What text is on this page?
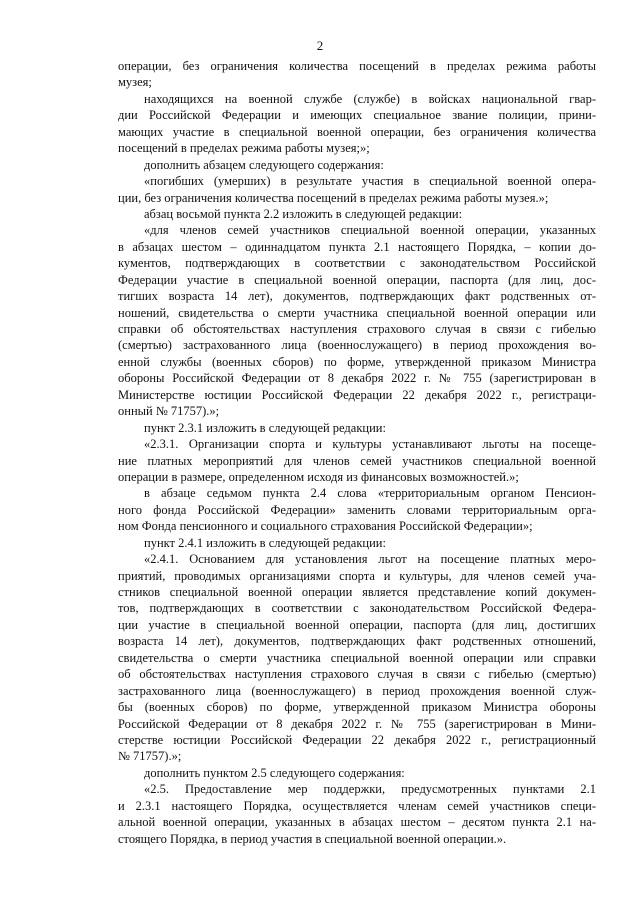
2
операции, без ограничения количества посещений в пределах режима работы
музея;
находящихся на военной службе (службе) в войсках национальной гвар-
дии Российской Федерации и имеющих специальное звание полиции, прини-
мающих участие в специальной военной операции, без ограничения количества
посещений в пределах режима работы музея;»;
дополнить абзацем следующего содержания:
«погибших (умерших) в результате участия в специальной военной опера-
ции, без ограничения количества посещений в пределах режима работы музея.»;
абзац восьмой пункта 2.2 изложить в следующей редакции:
«для членов семей участников специальной военной операции, указанных
в абзацах шестом – одиннадцатом пункта 2.1 настоящего Порядка, – копии до-
кументов, подтверждающих в соответствии с законодательством Российской
Федерации участие в специальной военной операции, паспорта (для лиц, дос-
тигших возраста 14 лет), документов, подтверждающих факт родственных от-
ношений, свидетельства о смерти участника специальной военной операции или
справки об обстоятельствах наступления страхового случая в связи с гибелью
(смертью) застрахованного лица (военнослужащего) в период прохождения во-
енной службы (военных сборов) по форме, утвержденной приказом Министра
обороны Российской Федерации от 8 декабря 2022 г. № 755 (зарегистрирован в
Министерстве юстиции Российской Федерации 22 декабря 2022 г., регистраци-
онный № 71757).»;
пункт 2.3.1 изложить в следующей редакции:
«2.3.1. Организации спорта и культуры устанавливают льготы на посеще-
ние платных мероприятий для членов семей участников специальной военной
операции в размере, определенном исходя из финансовых возможностей.»;
в абзаце седьмом пункта 2.4 слова «территориальным органом Пенсион-
ного фонда Российской Федерации» заменить словами территориальным орга-
ном Фонда пенсионного и социального страхования Российской Федерации»;
пункт 2.4.1 изложить в следующей редакции:
«2.4.1. Основанием для установления льгот на посещение платных меро-
приятий, проводимых организациями спорта и культуры, для членов семей уча-
стников специальной военной операции является представление копий докумен-
тов, подтверждающих в соответствии с законодательством Российской Федера-
ции участие в специальной военной операции, паспорта (для лиц, достигших
возраста 14 лет), документов, подтверждающих факт родственных отношений,
свидетельства о смерти участника специальной военной операции или справки
об обстоятельствах наступления страхового случая в связи с гибелью (смертью)
застрахованного лица (военнослужащего) в период прохождения военной служ-
бы (военных сборов) по форме, утвержденной приказом Министра обороны
Российской Федерации от 8 декабря 2022 г. № 755 (зарегистрирован в Мини-
стерстве юстиции Российской Федерации 22 декабря 2022 г., регистрационный
№ 71757).»;
дополнить пунктом 2.5 следующего содержания:
«2.5. Предоставление мер поддержки, предусмотренных пунктами 2.1
и 2.3.1 настоящего Порядка, осуществляется членам семей участников специ-
альной военной операции, указанных в абзацах шестом – десятом пункта 2.1 на-
стоящего Порядка, в период участия в специальной военной операции.».
